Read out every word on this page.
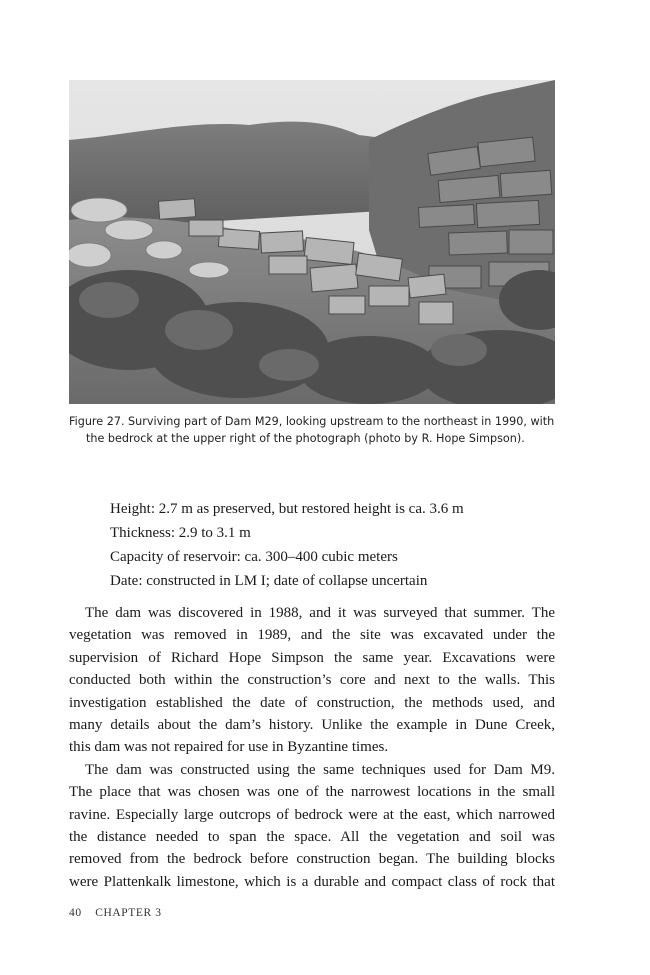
Figure 27. Surviving part of Dam M29, looking upstream to the northeast in 1990, with
the bedrock at the upper right of the photograph (photo by R. Hope Simpson).
Height: 2.7 m as preserved, but restored height is ca. 3.6 m
Thickness: 2.9 to 3.1 m
Capacity of reservoir: ca. 300–400 cubic meters
Date: constructed in LM I; date of collapse uncertain
The dam was discovered in 1988, and it was surveyed that summer. The
vegetation was removed in 1989, and the site was excavated under the
supervision of Richard Hope Simpson the same year. Excavations were
conducted both within the construction’s core and next to the walls. This
investigation established the date of construction, the methods used, and
many details about the dam’s history. Unlike the example in Dune Creek,
this dam was not repaired for use in Byzantine times.
The dam was constructed using the same techniques used for Dam M9.
The place that was chosen was one of the narrowest locations in the small
ravine. Especially large outcrops of bedrock were at the east, which narrowed
the distance needed to span the space. All the vegetation and soil was
removed from the bedrock before construction began. The building blocks
were Plattenkalk limestone, which is a durable and compact class of rock that
40 CHAPTER 3
